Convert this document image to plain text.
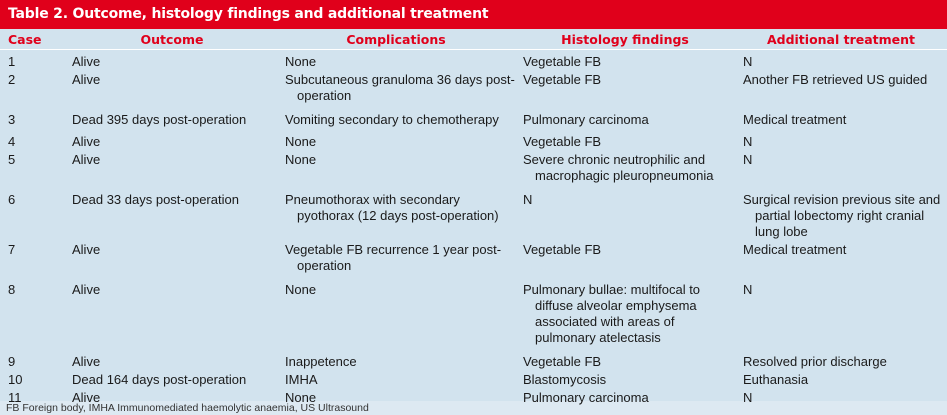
Table 2. Outcome, histology findings and additional treatment
Case	Outcome	Complications	Histology findings	Additional treatment

1	Alive	None	Vegetable FB	N

2	Alive	Subcutaneous granuloma 36 days post-operation	Vegetable FB	Another FB retrieved US guided

3	Dead 395 days post-operation	Vomiting secondary to chemotherapy	Pulmonary carcinoma	Medical treatment

4	Alive	None	Vegetable FB	N

5	Alive	None	Severe chronic neutrophilic and macrophagic pleuropneumonia	N

6	Dead 33 days post-operation	Pneumothorax with secondary pyothorax (12 days post-operation)	N	Surgical revision previous site and partial lobectomy right cranial lung lobe

7	Alive	Vegetable FB recurrence 1 year post-operation	Vegetable FB	Medical treatment

8	Alive	None	Pulmonary bullae: multifocal to diffuse alveolar emphysema associated with areas of pulmonary atelectasis	N

9	Alive	Inappetence	Vegetable FB	Resolved prior discharge

10	Dead 164 days post-operation	IMHA	Blastomycosis	Euthanasia

11	Alive	None	Pulmonary carcinoma	N
FB Foreign body, IMHA Immunomediated haemolytic anaemia, US Ultrasound
